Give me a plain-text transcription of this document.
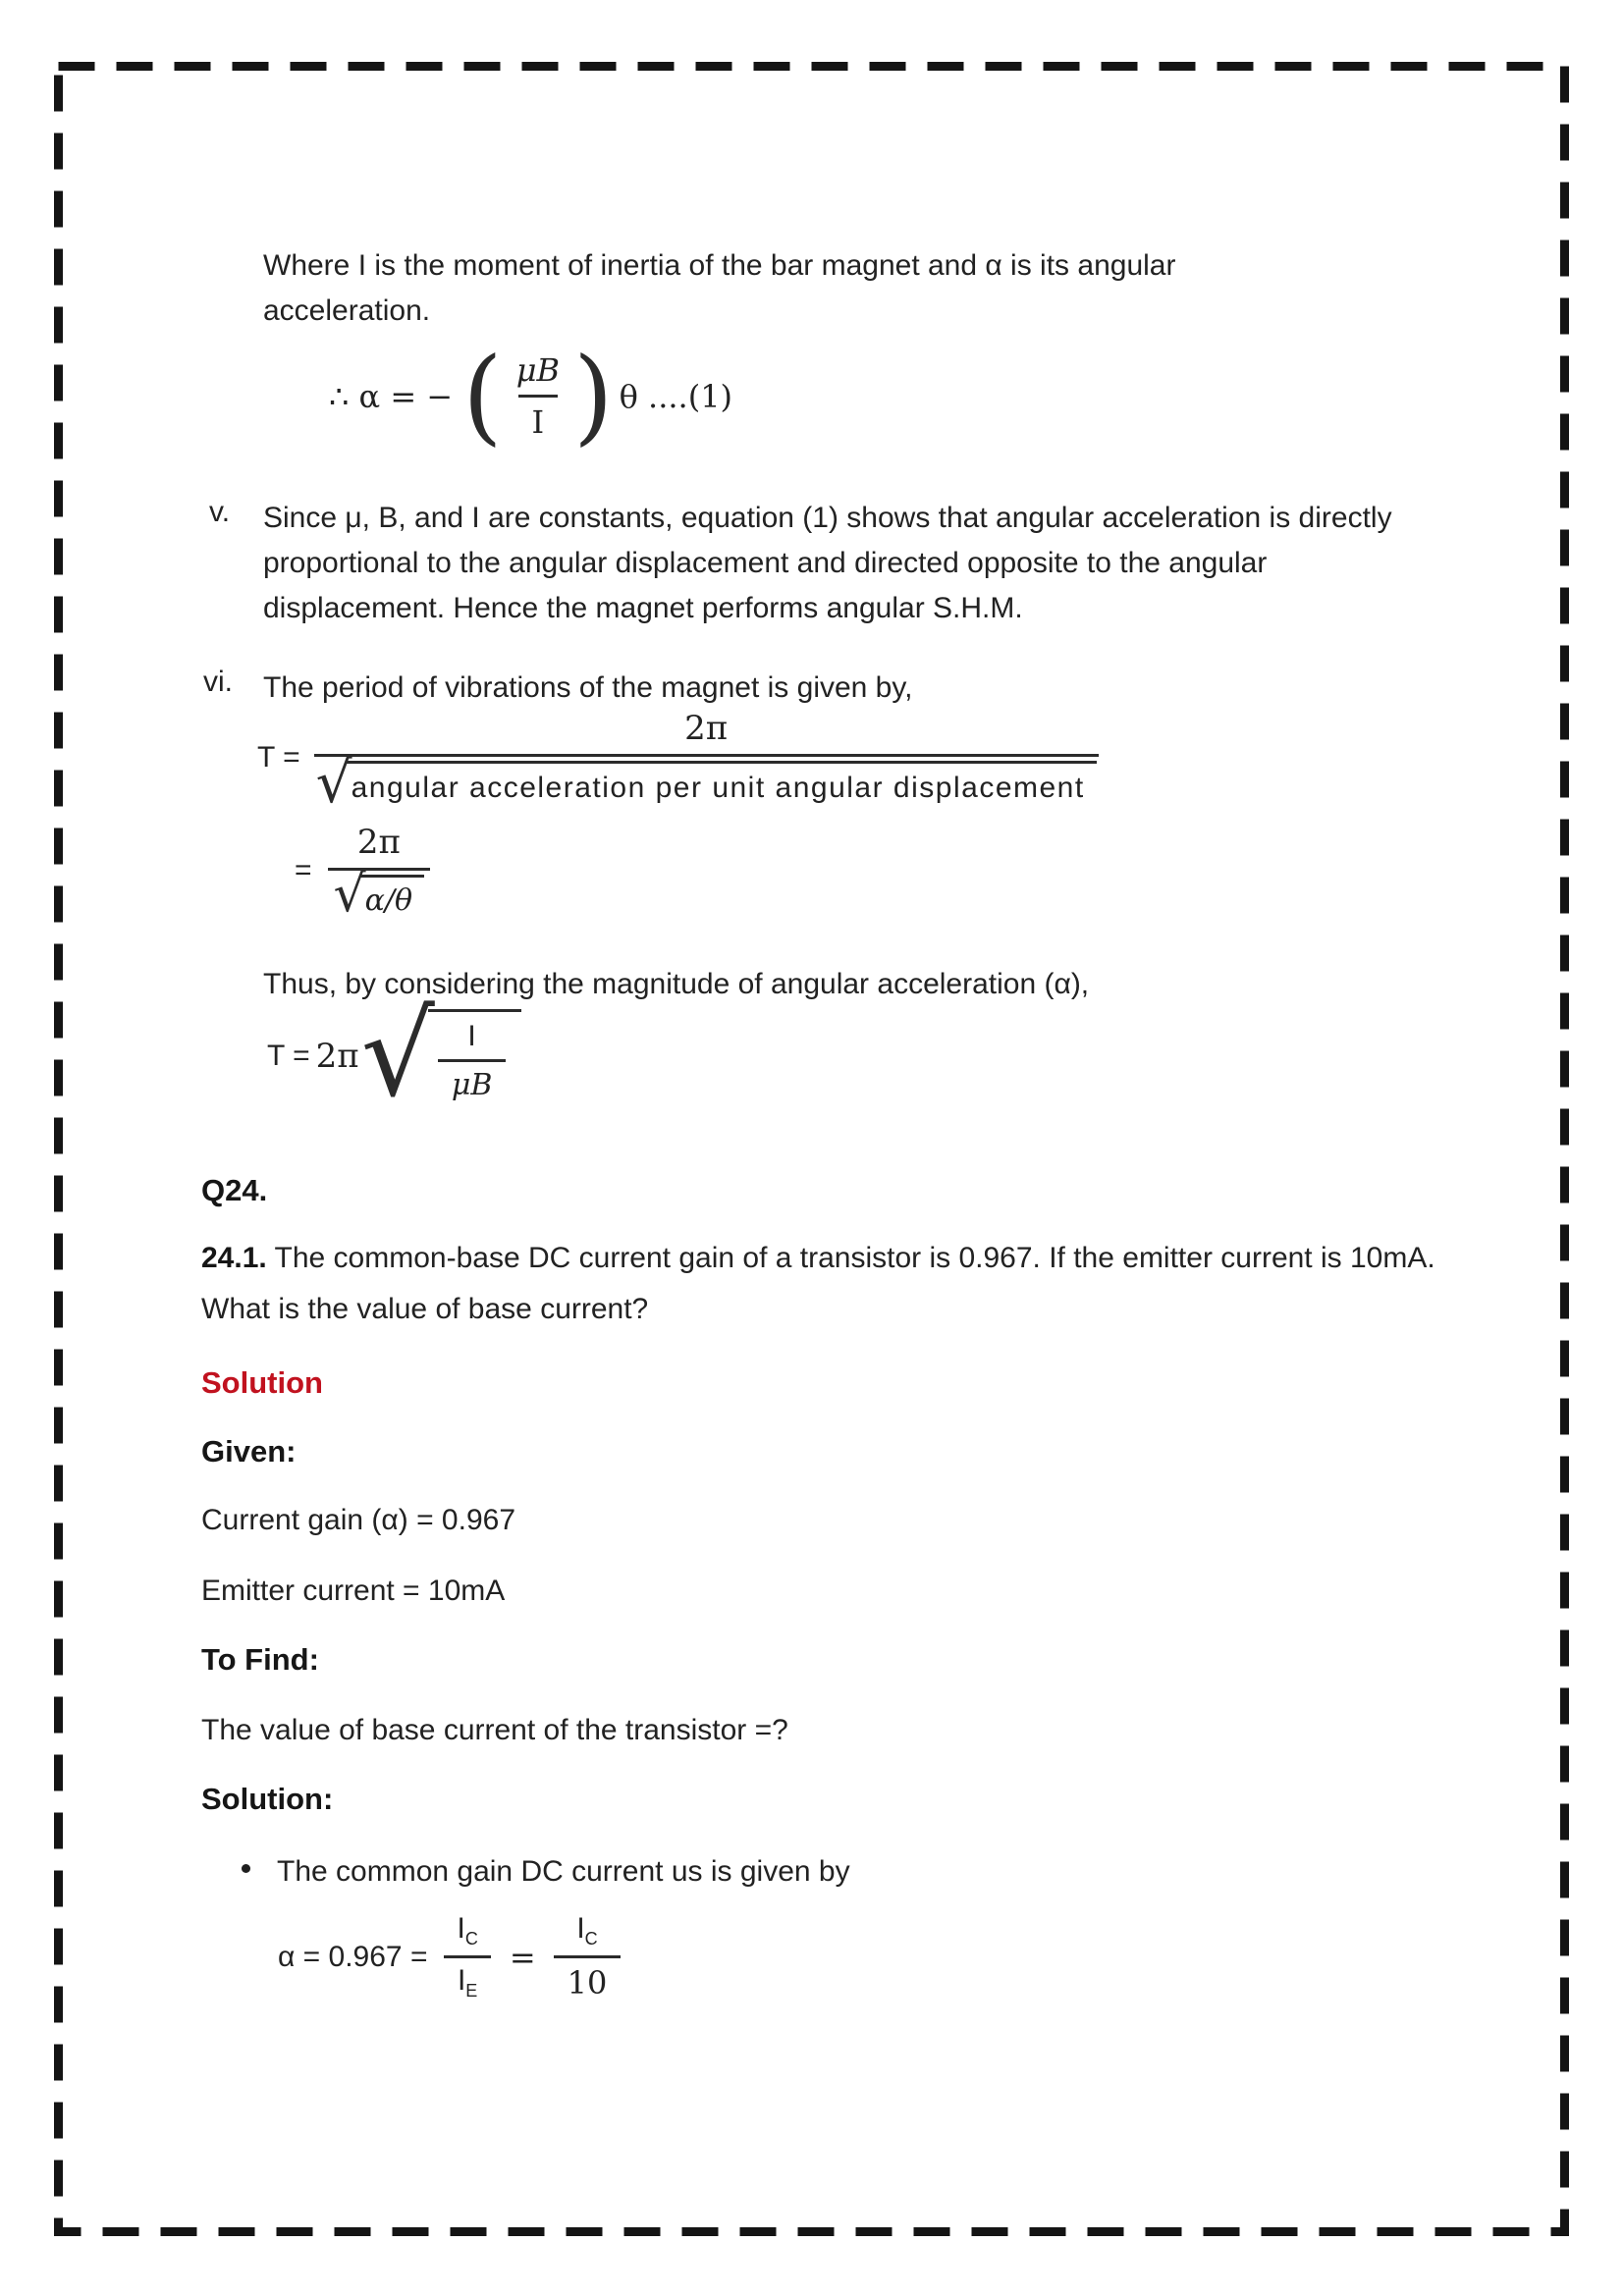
Where I is the moment of inertia of the bar magnet and α is its angular acceleration.
∴ α = − ( $\frac{\mu B}{I}$ ) θ ....(1)
v.	Since μ, B, and I are constants, equation (1) shows that angular acceleration is directly proportional to the angular displacement and directed opposite to the angular displacement. Hence the magnet performs angular S.H.M.
vi.	The period of vibrations of the magnet is given by,
T =
2π
√ angular acceleration per unit angular displacement
= $\frac{2\pi}{√ \alpha/\theta}$
Thus, by considering the magnitude of angular acceleration (α),
T = 2π √ $\frac{I}{\mu B}$
Q24.
24.1. The common-base DC current gain of a transistor is 0.967. If the emitter current is 10mA. What is the value of base current?
Solution
Given:
Current gain (α) = 0.967
Emitter current = 10mA
To Find:
The value of base current of the transistor =?
Solution:
The common gain DC current us is given by
$\alpha = 0.967 = \frac{I_C}{I_E} = \frac{I_C}{10}$
